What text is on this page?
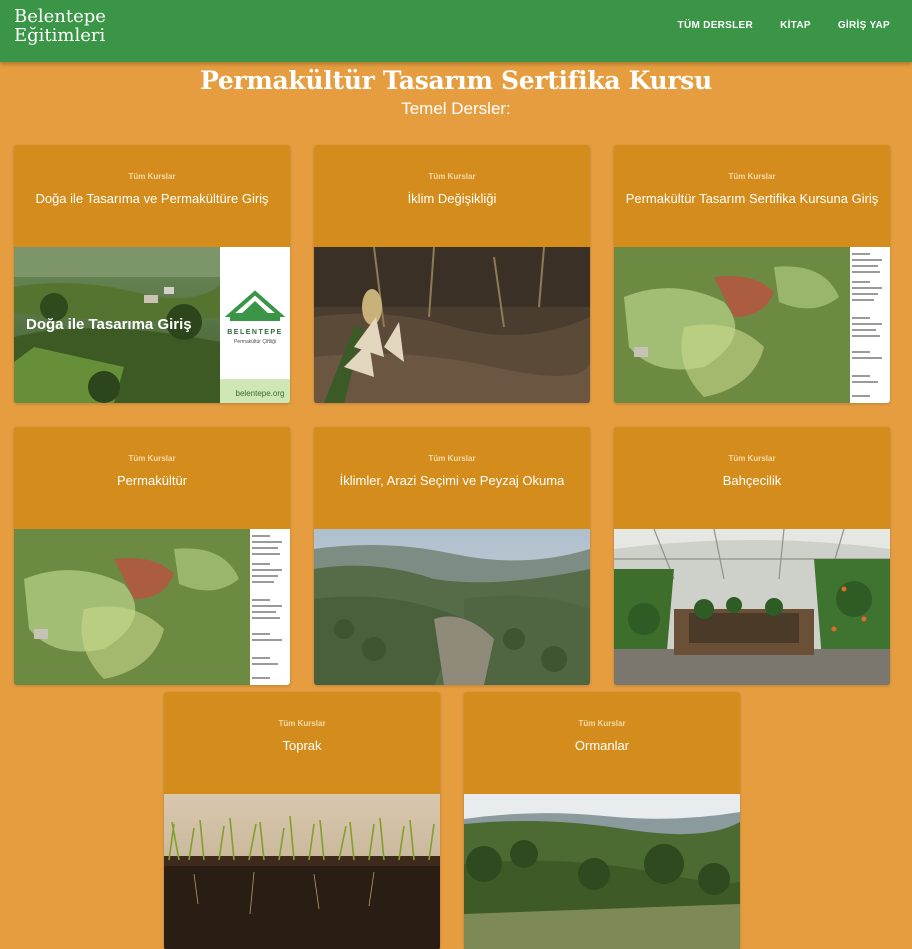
Belentepe
Eğitimleri	TÜM DERSLER	KİTAP	GİRİŞ YAP
Permakültür Tasarım Sertifika Kursu
Temel Dersler:
Tüm Kurslar
Doğa ile Tasarıma ve Permakültüre Giriş
BELENTEPE
Permakültür Çiftliği
belentepe.org
Doğa ile Tasarıma Giriş
Tüm Kurslar
İklim Değişikliği
Tüm Kurslar
Permakültür Tasarım Sertifika Kursuna Giriş
Tüm Kurslar
Permakültür
Tüm Kurslar
İklimler, Arazi Seçimi ve Peyzaj Okuma
Tüm Kurslar
Bahçecilik
Tüm Kurslar
Toprak
Tüm Kurslar
Ormanlar
